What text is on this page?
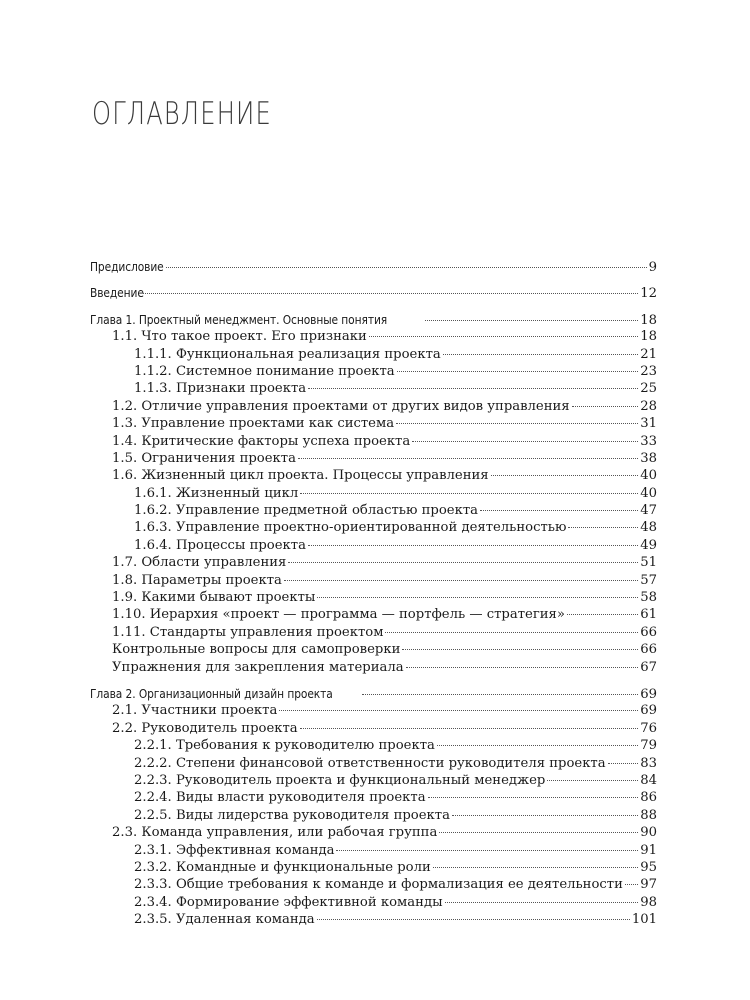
ОГЛАВЛЕНИЕ
Предисловие	9
Введение	12
Глава 1. Проектный менеджмент. Основные понятия	18
1.1. Что такое проект. Его признаки	18
1.1.1. Функциональная реализация проекта	21
1.1.2. Системное понимание проекта	23
1.1.3. Признаки проекта	25
1.2. Отличие управления проектами от других видов управления	28
1.3. Управление проектами как система	31
1.4. Критические факторы успеха проекта	33
1.5. Ограничения проекта	38
1.6. Жизненный цикл проекта. Процессы управления	40
1.6.1. Жизненный цикл	40
1.6.2. Управление предметной областью проекта	47
1.6.3. Управление проектно-ориентированной деятельностью	48
1.6.4. Процессы проекта	49
1.7. Области управления	51
1.8. Параметры проекта	57
1.9. Какими бывают проекты	58
1.10. Иерархия «проект — программа — портфель — стратегия»	61
1.11. Стандарты управления проектом	66
Контрольные вопросы для самопроверки	66
Упражнения для закрепления материала	67
Глава 2. Организационный дизайн проекта	69
2.1. Участники проекта	69
2.2. Руководитель проекта	76
2.2.1. Требования к руководителю проекта	79
2.2.2. Степени финансовой ответственности руководителя проекта	83
2.2.3. Руководитель проекта и функциональный менеджер	84
2.2.4. Виды власти руководителя проекта	86
2.2.5. Виды лидерства руководителя проекта	88
2.3. Команда управления, или рабочая группа	90
2.3.1. Эффективная команда	91
2.3.2. Командные и функциональные роли	95
2.3.3. Общие требования к команде и формализация ее деятельности 97
2.3.4. Формирование эффективной команды	98
2.3.5. Удаленная команда	101
